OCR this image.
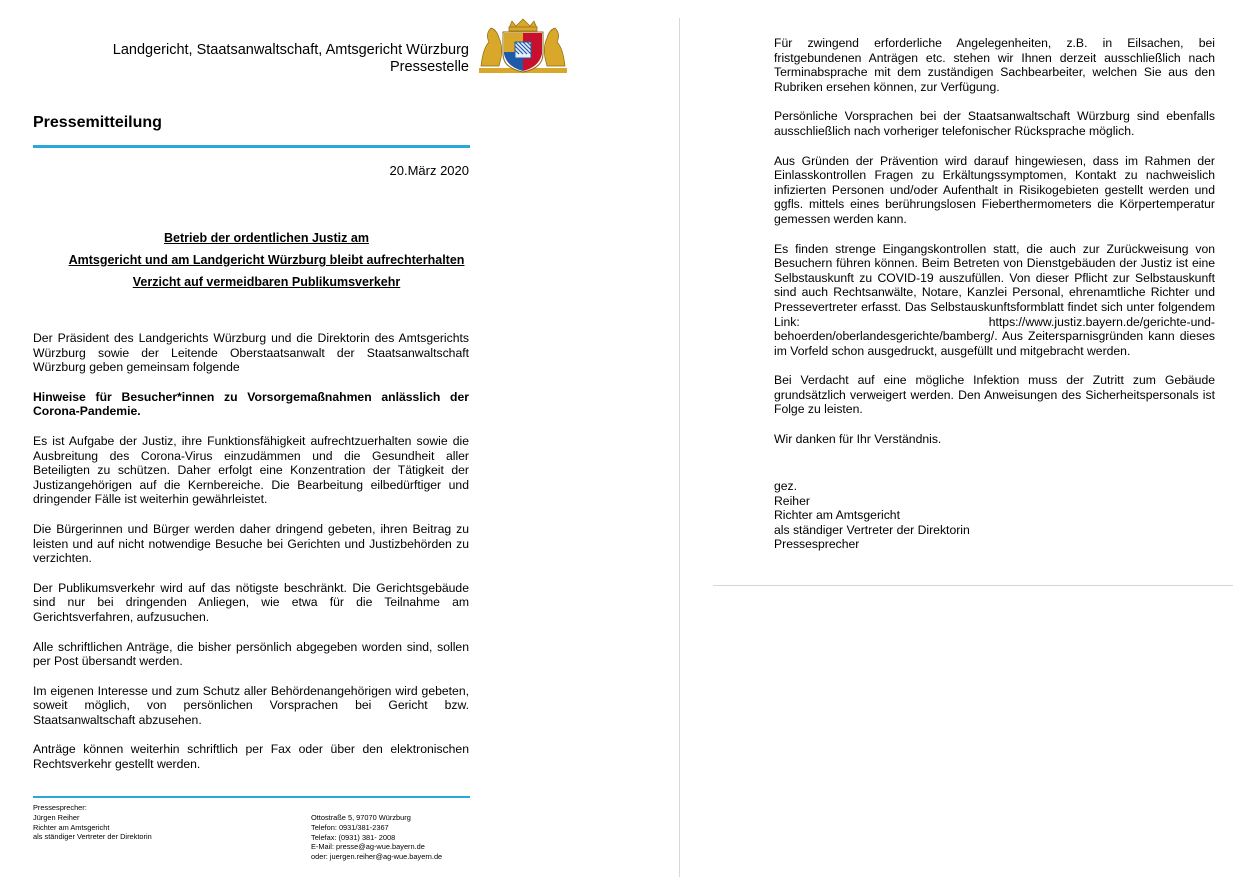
Landgericht, Staatsanwaltschaft, Amtsgericht Würzburg
Pressestelle
Pressemitteilung
20.März 2020
Betrieb der ordentlichen Justiz am
Amtsgericht und am Landgericht Würzburg bleibt aufrechterhalten
Verzicht auf vermeidbaren Publikumsverkehr

Der Präsident des Landgerichts Würzburg und die Direktorin des Amtsgerichts Würzburg sowie der Leitende Oberstaatsanwalt der Staatsanwaltschaft Würzburg geben gemeinsam folgende

Hinweise für Besucher*innen zu Vorsorgemaßnahmen anlässlich der Corona-Pandemie.

Es ist Aufgabe der Justiz, ihre Funktionsfähigkeit aufrechtzuerhalten sowie die Ausbreitung des Corona-Virus einzudämmen und die Gesundheit aller Beteiligten zu schützen. Daher erfolgt eine Konzentration der Tätigkeit der Justizangehörigen auf die Kernbereiche. Die Bearbeitung eilbedürftiger und dringender Fälle ist weiterhin gewährleistet.

Die Bürgerinnen und Bürger werden daher dringend gebeten, ihren Beitrag zu leisten und auf nicht notwendige Besuche bei Gerichten und Justizbehörden zu verzichten.

Der Publikumsverkehr wird auf das nötigste beschränkt. Die Gerichtsgebäude sind nur bei dringenden Anliegen, wie etwa für die Teilnahme am Gerichtsverfahren, aufzusuchen.

Alle schriftlichen Anträge, die bisher persönlich abgegeben worden sind, sollen per Post übersandt werden.

Im eigenen Interesse und zum Schutz aller Behördenangehörigen wird gebeten, soweit möglich, von persönlichen Vorsprachen bei Gericht bzw. Staatsanwaltschaft abzusehen.

Anträge können weiterhin schriftlich per Fax oder über den elektronischen Rechtsverkehr gestellt werden.

Pressesprecher:
Jürgen Reiher
Richter am Amtsgericht
als ständiger Vertreter der Direktorin
Ottostraße 5, 97070 Würzburg
Telefon: 0931/381-2367
Telefax: (0931) 381- 2008
E-Mail: presse@ag-wue.bayern.de
oder: juergen.reiher@ag-wue.bayern.de

Für zwingend erforderliche Angelegenheiten, z.B. in Eilsachen, bei fristgebundenen Anträgen etc. stehen wir Ihnen derzeit ausschließlich nach Terminabsprache mit dem zuständigen Sachbearbeiter, welchen Sie aus den Rubriken ersehen können, zur Verfügung.

Persönliche Vorsprachen bei der Staatsanwaltschaft Würzburg sind ebenfalls ausschließlich nach vorheriger telefonischer Rücksprache möglich.

Aus Gründen der Prävention wird darauf hingewiesen, dass im Rahmen der Einlasskontrollen Fragen zu Erkältungssymptomen, Kontakt zu nachweislich infizierten Personen und/oder Aufenthalt in Risikogebieten gestellt werden und ggfls. mittels eines berührungslosen Fieberthermometers die Körpertemperatur gemessen werden kann.

Es finden strenge Eingangskontrollen statt, die auch zur Zurückweisung von Besuchern führen können. Beim Betreten von Dienstgebäuden der Justiz ist eine Selbstauskunft zu COVID-19 auszufüllen. Von dieser Pflicht zur Selbstauskunft sind auch Rechtsanwälte, Notare, Kanzlei Personal, ehrenamtliche Richter und Pressevertreter erfasst. Das Selbstauskunftsformblatt findet sich unter folgendem Link: https://www.justiz.bayern.de/gerichte-und-behoerden/oberlandesgerichte/bamberg/. Aus Zeitersparnisgründen kann dieses im Vorfeld schon ausgedruckt, ausgefüllt und mitgebracht werden.

Bei Verdacht auf eine mögliche Infektion muss der Zutritt zum Gebäude grundsätzlich verweigert werden. Den Anweisungen des Sicherheitspersonals ist Folge zu leisten.

Wir danken für Ihr Verständnis.

gez.
Reiher
Richter am Amtsgericht
als ständiger Vertreter der Direktorin
Pressesprecher
